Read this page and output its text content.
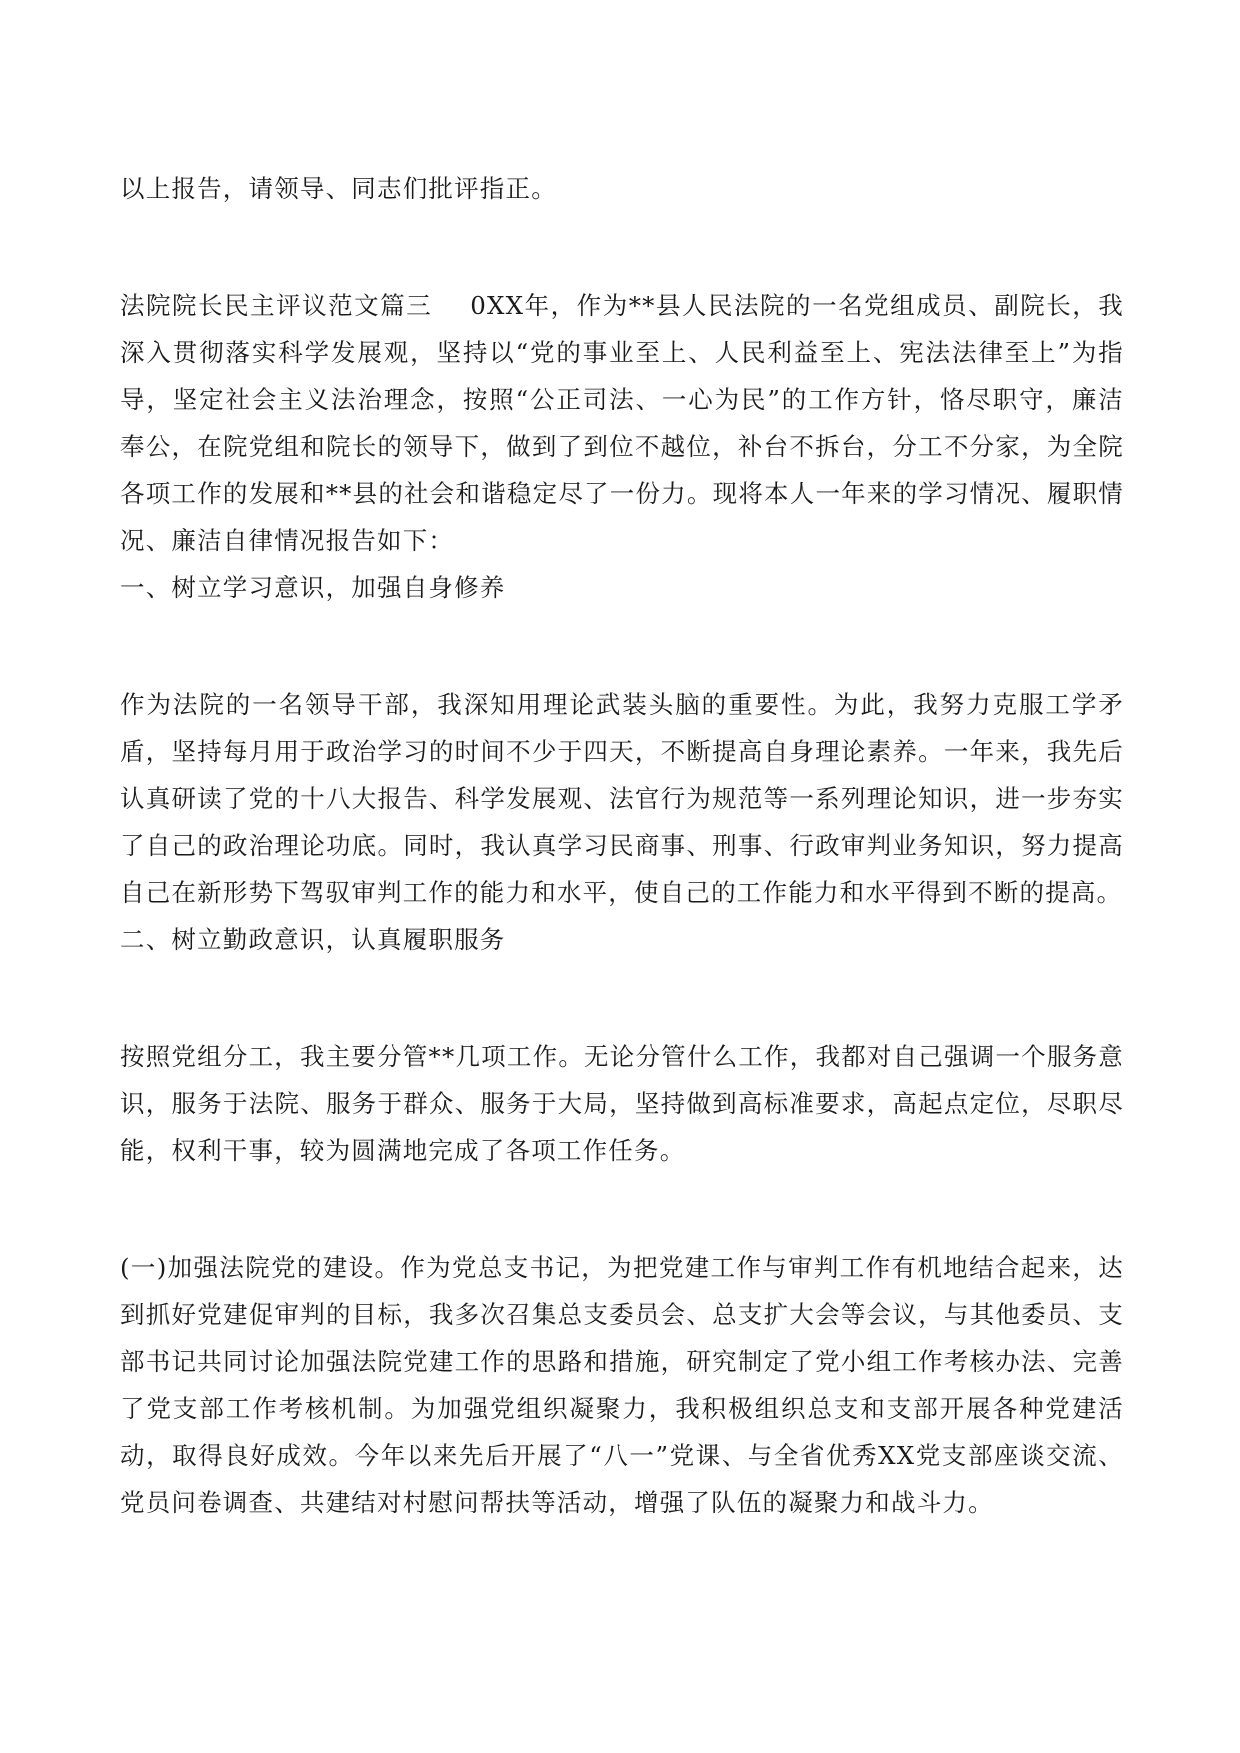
以上报告，请领导、同志们批评指正。

法院院长民主评议范文篇三 0XX年，作为**县人民法院的一名党组成员、副院长，我深入贯彻落实科学发展观，坚持以“党的事业至上、人民利益至上、宪法法律至上”为指导，坚定社会主义法治理念，按照“公正司法、一心为民”的工作方针，恪尽职守，廉洁奉公，在院党组和院长的领导下，做到了到位不越位，补台不拆台，分工不分家，为全院各项工作的发展和**县的社会和谐稳定尽了一份力。现将本人一年来的学习情况、履职情况、廉洁自律情况报告如下：

一、树立学习意识，加强自身修养

作为法院的一名领导干部，我深知用理论武装头脑的重要性。为此，我努力克服工学矛盾，坚持每月用于政治学习的时间不少于四天，不断提高自身理论素养。一年来，我先后认真研读了党的十八大报告、科学发展观、法官行为规范等一系列理论知识，进一步夯实了自己的政治理论功底。同时，我认真学习民商事、刑事、行政审判业务知识，努力提高自己在新形势下驾驭审判工作的能力和水平，使自己的工作能力和水平得到不断的提高。

二、树立勤政意识，认真履职服务

按照党组分工，我主要分管**几项工作。无论分管什么工作，我都对自己强调一个服务意识，服务于法院、服务于群众、服务于大局，坚持做到高标准要求，高起点定位，尽职尽能，权利干事，较为圆满地完成了各项工作任务。

(一)加强法院党的建设。作为党总支书记，为把党建工作与审判工作有机地结合起来，达到抓好党建促审判的目标，我多次召集总支委员会、总支扩大会等会议，与其他委员、支部书记共同讨论加强法院党建工作的思路和措施，研究制定了党小组工作考核办法、完善了党支部工作考核机制。为加强党组织凝聚力，我积极组织总支和支部开展各种党建活动，取得良好成效。今年以来先后开展了“八一”党课、与全省优秀XX党支部座谈交流、党员问卷调查、共建结对村慰问帮扶等活动，增强了队伍的凝聚力和战斗力。
